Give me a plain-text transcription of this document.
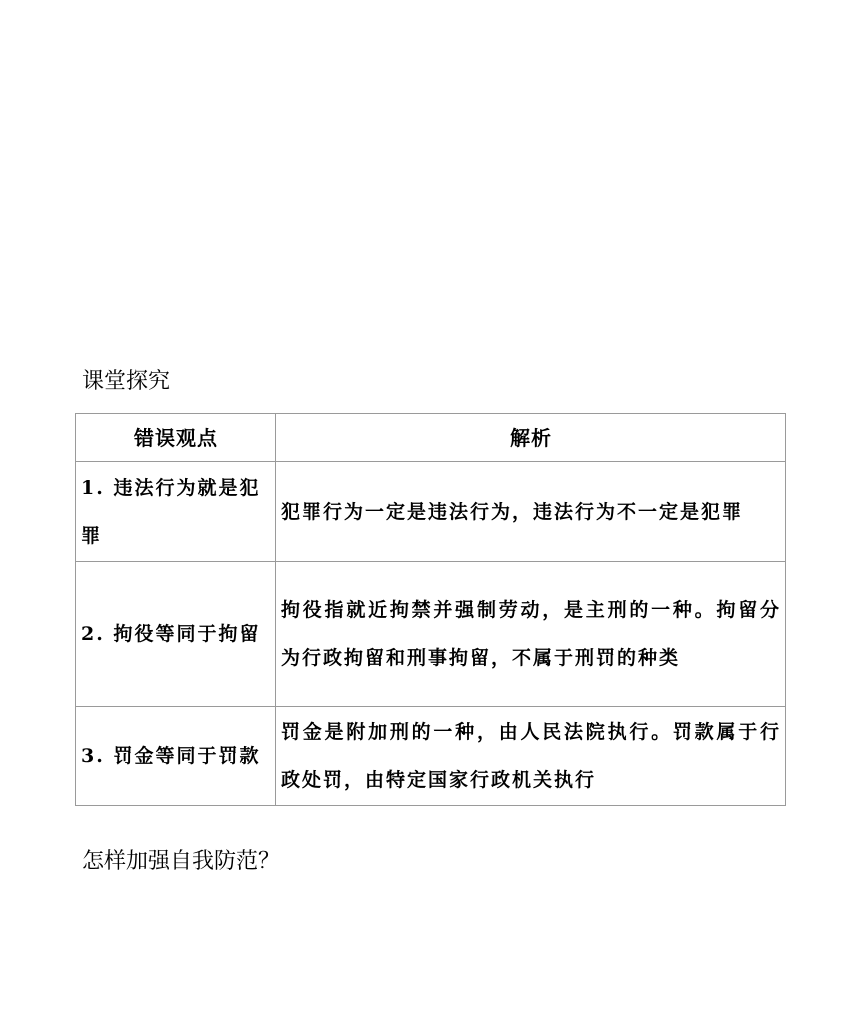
课堂探究
错误观点	解析
1. 违法行为就是犯罪	犯罪行为一定是违法行为，违法行为不一定是犯罪
2. 拘役等同于拘留	拘役指就近拘禁并强制劳动，是主刑的一种。拘留分为行政拘留和刑事拘留，不属于刑罚的种类
3. 罚金等同于罚款	罚金是附加刑的一种，由人民法院执行。罚款属于行政处罚，由特定国家行政机关执行

怎样加强自我防范？
